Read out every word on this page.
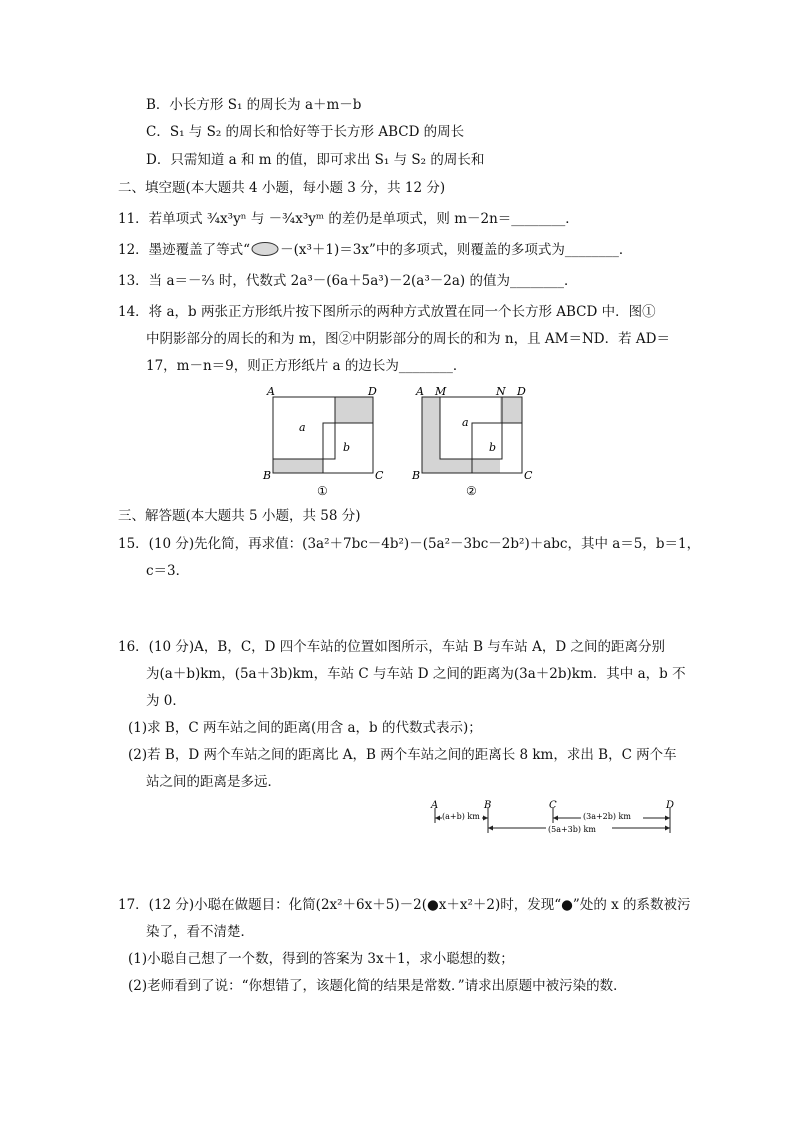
B．小长方形 S₁ 的周长为 a＋m－b
C．S₁ 与 S₂ 的周长和恰好等于长方形 ABCD 的周长
D．只需知道 a 和 m 的值，即可求出 S₁ 与 S₂ 的周长和
二、填空题(本大题共 4 小题，每小题 3 分，共 12 分)
11．若单项式 ³⁄₄x³yⁿ 与 －³⁄₄x³yᵐ 的差仍是单项式，则 m－2n＝________．
12．墨迹覆盖了等式“ －(x³＋1)＝3x”中的多项式，则覆盖的多项式为________．
13．当 a＝－²⁄₃ 时，代数式 2a³－(6a＋5a³)－2(a³－2a) 的值为________．
14．将 a，b 两张正方形纸片按下图所示的两种方式放置在同一个长方形 ABCD 中．图①
中阴影部分的周长的和为 m，图②中阴影部分的周长的和为 n，且 AM＝ND．若 AD＝
17，m－n＝9，则正方形纸片 a 的边长为________．
A	D
B	C
a
b
①
A M	N D
B	C
a
b
②
三、解答题(本大题共 5 小题，共 58 分)
15．(10 分)先化简，再求值：(3a²＋7bc－4b²)－(5a²－3bc－2b²)＋abc，其中 a＝5，b＝1，
c＝3．
16．(10 分)A，B，C，D 四个车站的位置如图所示，车站 B 与车站 A，D 之间的距离分别
为(a＋b)km，(5a＋3b)km，车站 C 与车站 D 之间的距离为(3a＋2b)km．其中 a，b 不
为 0．
(1)求 B，C 两车站之间的距离(用含 a，b 的代数式表示)；
(2)若 B，D 两个车站之间的距离比 A，B 两个车站之间的距离长 8 km，求出 B，C 两个车
站之间的距离是多远．
A	B	C	D
(a+b) km	(3a+2b) km
(5a+3b) km
17．(12 分)小聪在做题目：化简(2x²＋6x＋5)－2(●x＋x²＋2)时，发现“●”处的 x 的系数被污
染了，看不清楚．
(1)小聪自己想了一个数，得到的答案为 3x＋1，求小聪想的数；
(2)老师看到了说：“你想错了，该题化简的结果是常数．”请求出原题中被污染的数．
